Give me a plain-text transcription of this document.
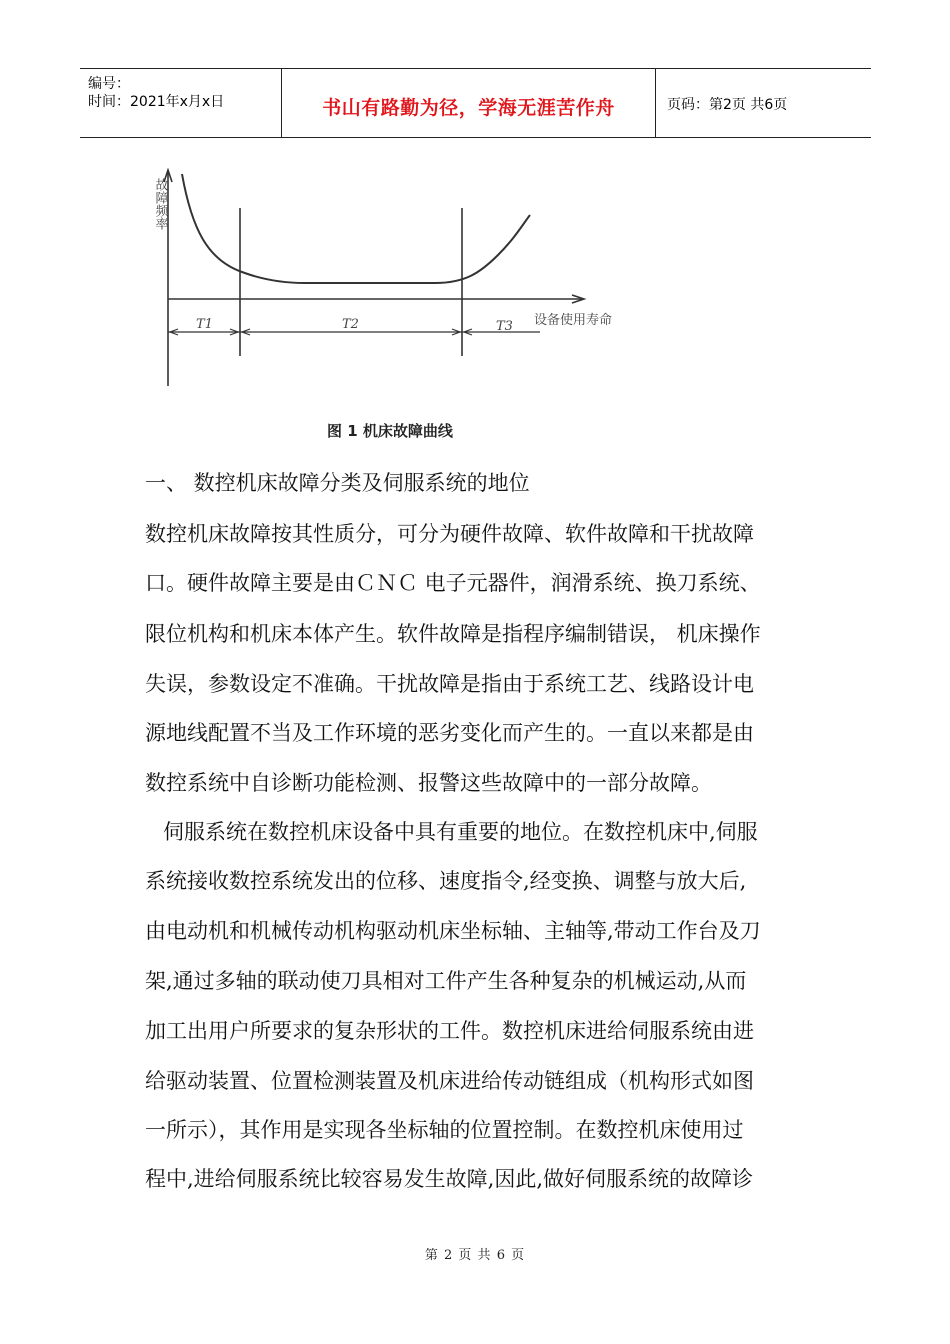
编号：
时间：2021年x月x日	书山有路勤为径，学海无涯苦作舟	页码：第2页 共6页
故障频率
设备使用寿命
T1	T2	T3
图 1 机床故障曲线
一、 数控机床故障分类及伺服系统的地位
数控机床故障按其性质分，可分为硬件故障、软件故障和干扰故障
口。硬件故障主要是由ＣＮＣ 电子元器件，润滑系统、换刀系统、
限位机构和机床本体产生。软件故障是指程序编制错误， 机床操作
失误，参数设定不准确。干扰故障是指由于系统工艺、线路设计电
源地线配置不当及工作环境的恶劣变化而产生的。一直以来都是由
数控系统中自诊断功能检测、报警这些故障中的一部分故障。
伺服系统在数控机床设备中具有重要的地位。在数控机床中,伺服
系统接收数控系统发出的位移、速度指令,经变换、调整与放大后,
由电动机和机械传动机构驱动机床坐标轴、主轴等,带动工作台及刀
架,通过多轴的联动使刀具相对工件产生各种复杂的机械运动,从而
加工出用户所要求的复杂形状的工件。数控机床进给伺服系统由进
给驱动装置、位置检测装置及机床进给传动链组成（机构形式如图
一所示），其作用是实现各坐标轴的位置控制。在数控机床使用过
程中,进给伺服系统比较容易发生故障,因此,做好伺服系统的故障诊
第 2 页 共 6 页
